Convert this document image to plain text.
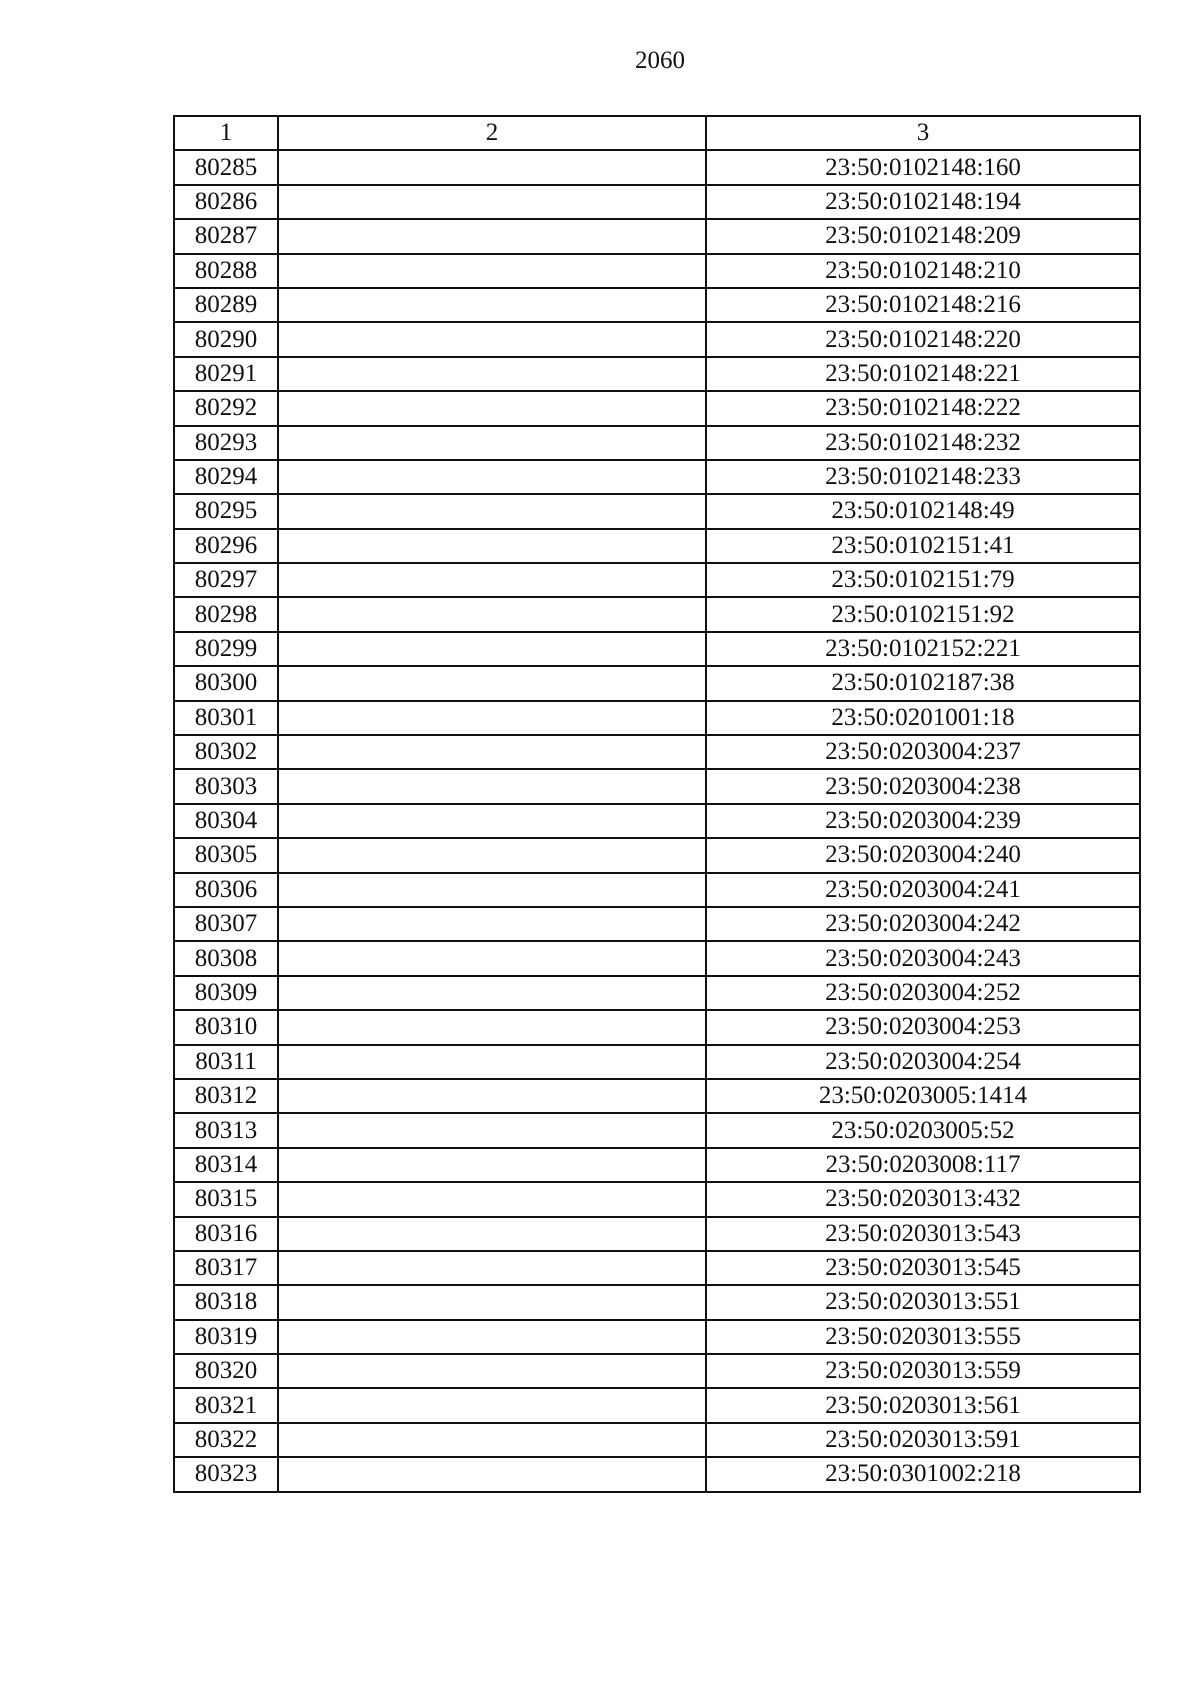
2060
1	2	3
80285		23:50:0102148:160
80286		23:50:0102148:194
80287		23:50:0102148:209
80288		23:50:0102148:210
80289		23:50:0102148:216
80290		23:50:0102148:220
80291		23:50:0102148:221
80292		23:50:0102148:222
80293		23:50:0102148:232
80294		23:50:0102148:233
80295		23:50:0102148:49
80296		23:50:0102151:41
80297		23:50:0102151:79
80298		23:50:0102151:92
80299		23:50:0102152:221
80300		23:50:0102187:38
80301		23:50:0201001:18
80302		23:50:0203004:237
80303		23:50:0203004:238
80304		23:50:0203004:239
80305		23:50:0203004:240
80306		23:50:0203004:241
80307		23:50:0203004:242
80308		23:50:0203004:243
80309		23:50:0203004:252
80310		23:50:0203004:253
80311		23:50:0203004:254
80312		23:50:0203005:1414
80313		23:50:0203005:52
80314		23:50:0203008:117
80315		23:50:0203013:432
80316		23:50:0203013:543
80317		23:50:0203013:545
80318		23:50:0203013:551
80319		23:50:0203013:555
80320		23:50:0203013:559
80321		23:50:0203013:561
80322		23:50:0203013:591
80323		23:50:0301002:218
